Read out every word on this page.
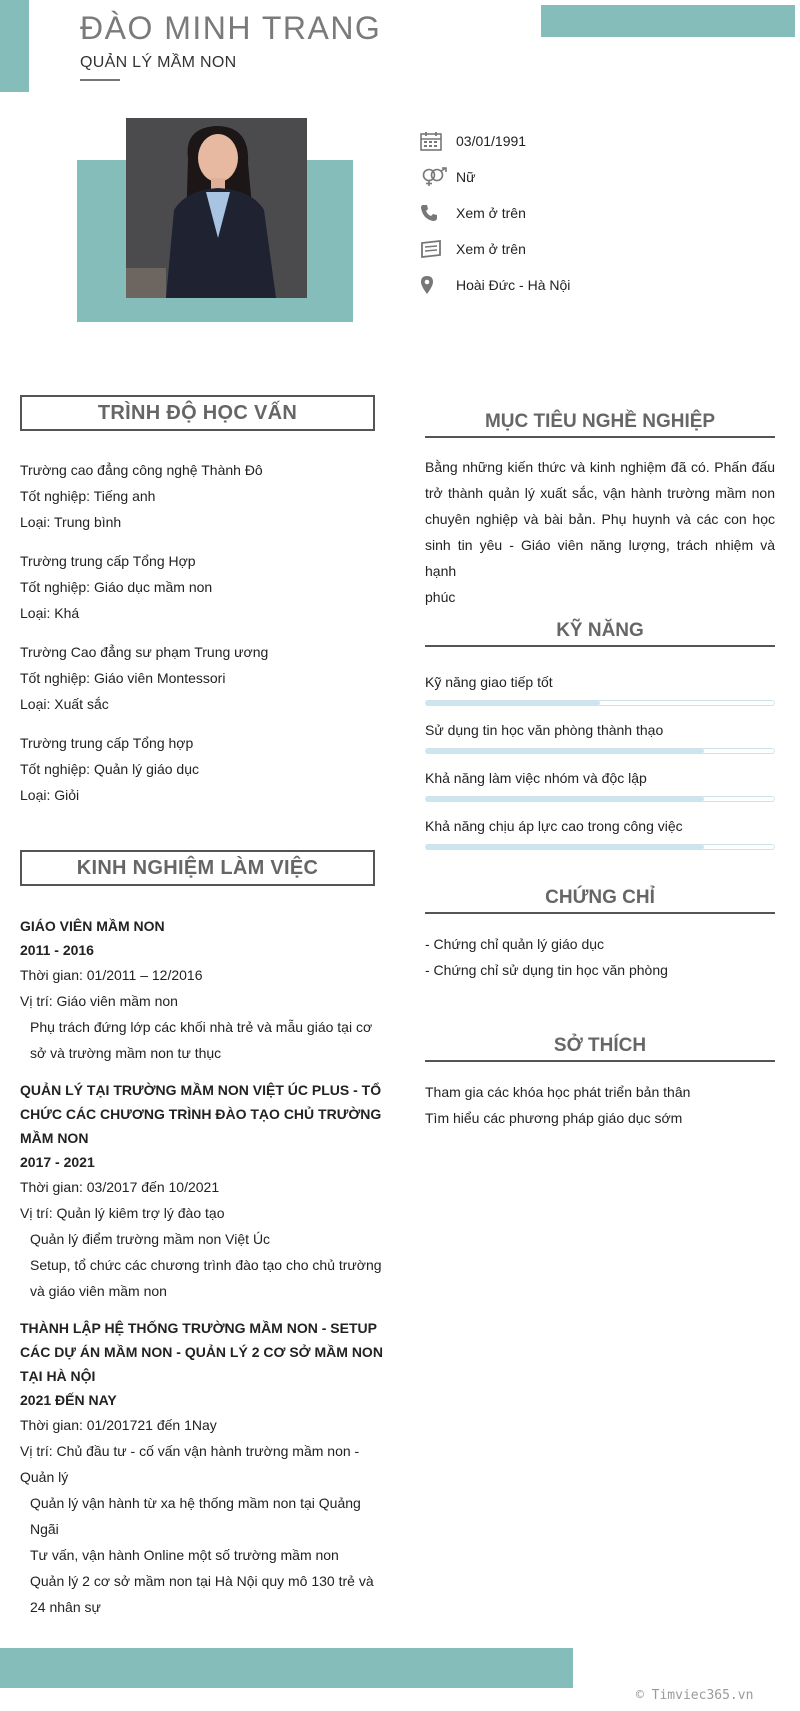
ĐÀO MINH TRANG
QUẢN LÝ MẦM NON
03/01/1991
Nữ
Xem ở trên
Xem ở trên
Hoài Đức - Hà Nội
TRÌNH ĐỘ HỌC VẤN
Trường cao đẳng công nghệ Thành Đô
Tốt nghiệp: Tiếng anh
Loại: Trung bình
Trường trung cấp Tổng Hợp
Tốt nghiệp: Giáo dục mầm non
Loại: Khá
Trường Cao đẳng sư phạm Trung ương
Tốt nghiệp: Giáo viên Montessori
Loại: Xuất sắc
Trường trung cấp Tổng hợp
Tốt nghiệp: Quản lý giáo dục
Loại: Giỏi
KINH NGHIỆM LÀM VIỆC
GIÁO VIÊN MẦM NON
2011 - 2016
Thời gian: 01/2011 – 12/2016
Vị trí: Giáo viên mầm non
Phụ trách đứng lớp các khối nhà trẻ và mẫu giáo tại cơ
sở và trường mầm non tư thục
QUẢN LÝ TẠI TRƯỜNG MẦM NON VIỆT ÚC PLUS - TỔ
CHỨC CÁC CHƯƠNG TRÌNH ĐÀO TẠO CHỦ TRƯỜNG
MẦM NON
2017 - 2021
Thời gian: 03/2017 đến 10/2021
Vị trí: Quản lý kiêm trợ lý đào tạo
Quản lý điểm trường mầm non Việt Úc
Setup, tổ chức các chương trình đào tạo cho chủ trường
và giáo viên mầm non
THÀNH LẬP HỆ THỐNG TRƯỜNG MẦM NON - SETUP
CÁC DỰ ÁN MẦM NON - QUẢN LÝ 2 CƠ SỞ MẦM NON
TẠI HÀ NỘI
2021 ĐẾN NAY
Thời gian: 01/201721 đến 1Nay
Vị trí: Chủ đầu tư - cố vấn vận hành trường mầm non -
Quản lý
Quản lý vận hành từ xa hệ thống mầm non tại Quảng
Ngãi
Tư vấn, vận hành Online một số trường mầm non
Quản lý 2 cơ sở mầm non tại Hà Nội quy mô 130 trẻ và
24 nhân sự
MỤC TIÊU NGHỀ NGHIỆP
Bằng những kiến thức và kinh nghiệm đã có. Phấn đấu
trở thành quản lý xuất sắc, vận hành trường mầm non
chuyên nghiệp và bài bản. Phụ huynh và các con học
sinh tin yêu - Giáo viên năng lượng, trách nhiệm và hạnh
phúc
KỸ NĂNG
Kỹ năng giao tiếp tốt
Sử dụng tin học văn phòng thành thạo
Khả năng làm việc nhóm và độc lập
Khả năng chịu áp lực cao trong công việc
CHỨNG CHỈ
- Chứng chỉ quản lý giáo dục
- Chứng chỉ sử dụng tin học văn phòng
SỞ THÍCH
Tham gia các khóa học phát triển bản thân
Tìm hiểu các phương pháp giáo dục sớm
© Timviec365.vn
